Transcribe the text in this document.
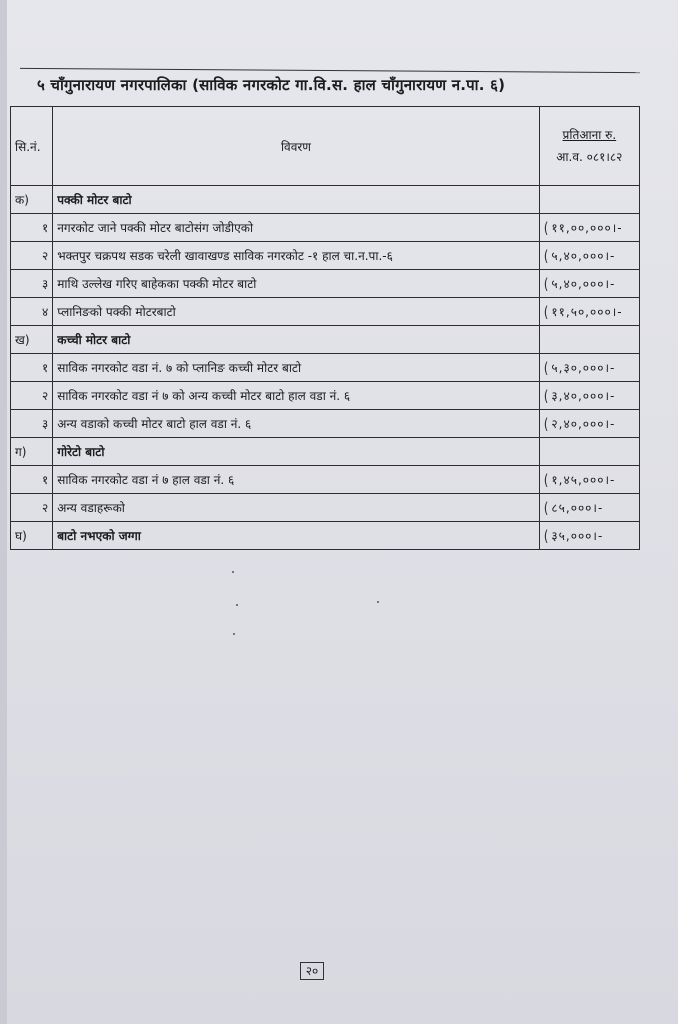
५ चाँगुनारायण नगरपालिका (साविक नगरकोट गा.वि.स. हाल चाँगुनारायण न.पा. ६)
सि.नं.	विवरण	प्रतिआना रु.
आ.व. ०८१।८२

क)	पक्की मोटर बाटो	
१	नगरकोट जाने पक्की मोटर बाटोसंग जोडीएको	( ११,००,०००।-
२	भक्तपुर चक्रपथ सडक चरेली खावाखण्ड साविक नगरकोट -१ हाल चा.न.पा.-६	( ५,४०,०००।-
३	माथि उल्लेख गरिए बाहेकका पक्की मोटर बाटो	( ५,४०,०००।-
४	प्लानिङको पक्की मोटरबाटो	( ११,५०,०००।-
ख)	कच्ची मोटर बाटो	
१	साविक नगरकोट वडा नं. ७ को प्लानिङ कच्ची मोटर बाटो	( ५,३०,०००।-
२	साविक नगरकोट वडा नं ७ को अन्य कच्ची मोटर बाटो हाल वडा नं. ६	( ३,४०,०००।-
३	अन्य वडाको कच्ची मोटर बाटो हाल वडा नं. ६	( २,४०,०००।-
ग)	गोरेटो बाटो	
१	साविक नगरकोट वडा नं ७ हाल वडा नं. ६	( १,४५,०००।-
२	अन्य वडाहरूको	( ८५,०००।-
घ)	बाटो नभएको जग्गा	( ३५,०००।-
२०
